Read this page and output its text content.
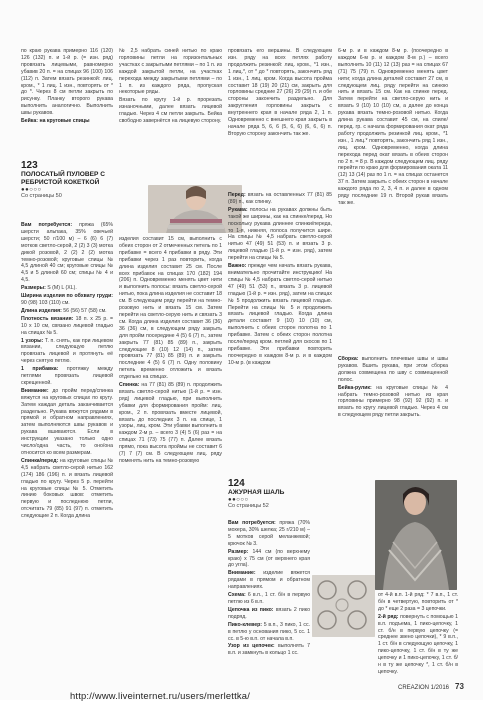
по краю рукава примерно 116 (120) 126 (132) п. и 1-й р. (= изн. ряд) провязать лицевыми, равномерно убавив 20 п. = на спицах 96 (100) 106 (112) п. Затем вязать резинкой: лиц. кром., * 1 лиц. 1 изн., повторять от * до *. Через 8 см петли закрыть по рисунку. Планку второго рукава выполнить аналогично. Выполнить швы рукавов.

Бейка: на круговые спицы

№ 2,5 набрать синей нитью по краю горловины петли на горизонтальных участках с закрытыми петлями – по 1 п. из каждой закрытой петли, на участках перехода между закрытыми петлями – по 1 п. из каждого ряда, пропуская некоторые ряды.

Вязать по кругу 1-й р. прорезать изнаночными, далее вязать лицевой гладью. Через 4 см петли закрыть. Бейка свободно завернётся на лицевую сторону.

провязать его вершины. В следующем изн. ряду на всех петлях работу продолжить резинкой: лиц. кром., *1 изн., 1 лиц.*, от * до * повторять, закончить ряд 1 изн., 1 лиц. кром. Когда высота пройма составит 18 (19) 20 (21) см, закрыть для горловины средние 27 (26) 29 (29) п. и обе стороны закончить раздельно. Для закругления горловины закрыть с внутреннего края в начале ряда 2, 1 п. Одновременно с внешнего края закрыть в начале ряда 5, 6, 6 (5, 6, 6) (6, 6, 6) п. Вторую сторону закончить так же.

6-м р. и в каждом 8-м р. (поочередно в каждом 6-м р. и каждом 8-м р.) – всего выполнить 10 (11) 12 (13) раз = на спицах 67 (71) 75 (79) п. Одновременно менять цвет нити; когда длина деталей составит 27 см, в следующем лиц. ряду перейти на синюю нить и вязать 15 см. Как на спинке перед. Затем перейти на светло-серую нить и вязать 9 (10) 10 (10) см, а далее до конца рукава вязать темно-розовой нитью. Когда длина рукава составит 45 см, на спиле/перед. гр. с начала формирования окат ряда работу продолжить резинкой лиц. кром., *1 изн., 1 лиц.* повторять, закончить ряд 1 изн., лиц. кром. Одновременно, когда длина перехода перед окат вязать в обеих сторон по 2 п. = 8 р. В каждом следующем лиц. ряду перейти по краю для формирования оката 11 (12) 13 (14) раз по 1 п. = на спицах останется 37 п. Затем закрыть с обеих сторон в начале каждого ряда по 2, 3, 4 п. и далее в одном ряду последние 19 п. Второй рукав вязать так же.

123
ПОЛОСАТЫЙ ПУЛОВЕР С РЕБРИСТОЙ КОКЕТКОЙ
●●○○○
Со страницы 50

Вам потребуется: пряжа (65% шерсти альпака, 35% овечьей шерсти; 50 г/100 м) – 6 (6) 6 (7) мотков светло-серой, 2 (2) 3 (3) мотка дикой розовой, 2 (2) 2 (2) мотка темно-розовой; круговые спицы № 4,5 длиной 40 см; круговые спицы № 4,5 и 5 длиной 60 см; спицы № 4 и 4,5.

Размеры: S (M) L (XL).

Ширина изделия по обхвату груди: 90 (98) 103 (110) см.

Длина изделия: 56 (56) 57 (58) см.

Плотность вязания: 18 п. x 25 р. = 10 x 10 см, связано лицевой гладью на спицах № 5.

1 узоры: Т. п. снять, как при лицевом вязании, следующую петлю провязать лицевой и протянуть её через снятую петлю.

1 прибавка: протяжку между петлями провязать лицевой скрещенной.

Внимание: до пройм перед/спинка вяжутся на круговых спицах по кругу. Затем каждая деталь заканчивается раздельно. Рукава вяжутся рядами в прямой и обратном направлениях, затем выполняются швы рукавов и рукава вшиваются. Если в инструкции указано только одно число/одна часть, то оно/она относится ко всем размерам.

Спинка/перед: на круговые спицы № 4,5 набрать светло-серой нитью 162 (174) 186 (196) п. и вязать лицевой гладью по кругу. Через 5 р. перейти на круговые спицы № 5. Отметить линию боковых швов: отметить первую и последнюю петли, отсчитать 79 (85) 91 (97) п. отметить следующие 2 п. Когда длина

изделия составит 15 см, выполнить с обеих сторон от 2 отмеченных петель по 1 прибавке = всего 4 прибавки в ряду. Эти прибавки через 1 раз повторить, когда длина изделия составит 25 см. После всех прибавок на спицах 170 (182) 194 (206) п. Одновременно менять цвет нити и выполнить полосы: вязать светло-серой нитью, пока длина изделия не составит 18 см. В следующем ряду перейти на темно-розовую нить и вязать 15 см. Затем перейти на светло-серую нить и связать 3 см. Когда длина изделия составит 36 (36) 36 (36) см, в следующем ряду закрыть для пройм посередине 4 (5) 6 (7) п., затем закрыть 77 (81) 85 (89) п., закрыть следующие 8 (10) 12 (14) п., затем провязать 77 (81) 85 (89) п. и закрыть последние 4 (5) 6 (7) п. Одну половину петель временно отложить и вязать отдельно на спицах.

Спинка: на 77 (81) 85 (89) п. продолжить вязать светло-серой нитью (1-й р. = изн. ряд) лицевой гладью, при выполнить убавки для формирования пройм: лиц. кром., 2 п. провязать вместе лицевой, вязать до последних 3 п. на спице, 1 узоры, лиц. кром. Эти убавки выполнить в каждом 2-м р. – всего 3 (4) 5 (6) раз = на спицах 71 (73) 75 (77) п. Далее вязать прямо, пока высота проймы не составит 6 (7) 7 (7) см. В следующем лиц. ряду поменять нить на темно-розовую

Перед: вязать на оставленных 77 (81) 85 (89) п., как спинку.

Рукава: полосы на рукавах должны быть такой же ширины, как на спинке/перед. Но поскольку рукава длиннее спинки/переда, то 1-я, нижняя, полоса получится шире. На спицы № 4,5 набрать светло-серой нитью 47 (49) 51 (53) п. и вязать 3 р. лицевой гладью (1-й р. = изн. ряд), затем перейти на спицы № 5.

Важно: прежде чем начать вязать рукава, внимательно прочитайте инструкцию! На спицы № 4,5 набрать светло-серой нитью 47 (49) 51 (53) п., вязать 3 р. лицевой гладью (1-й р. = изн. ряд), затем на спицах № 5 продолжить вязать лицевой гладью. Перейти на спицы № 5 и продолжить вязать лицевой гладью. Когда длина детали составит 9 (10) 10 (10) см, выполнить с обеих сторон полотна по 1 прибавке. Затем с обеих сторон полотна после/перед кром. петлей для скосов по 1 прибавке. Эти прибавки повторить поочередно в каждом 8-м р. и в каждом 10-м р. (в каждом

Сборка: выполнить плечевые швы и швы рукавов. Вшить рукава, при этом сборка должна совмещена по шву с совмещенной полос.

Бейка-рулик: на круговые спицы № 4 набрать темно-розовой нитью из края горловины примерно 98 (92) 92 (92) п. и вязать по кругу лицевой гладью. Через 4 см в следующем ряду петли закрыть.

124
АЖУРНАЯ ШАЛЬ
●●○○○
Со страницы 52

Вам потребуется: пряжа (70% мохера, 30% шелка; 25 г/210 м) – 5 мотков серой меланжевой; крючок № 3.

Размер: 144 см (по верхнему краю) x 75 см (от верхнего края до угла).

Внимание: изделие вяжется рядами в прямом и обратном направлениях.

Схема: 6 в.п., 1 ст. б/н в первую петлю из 6 в.п.

Цепочка из пико: вязать 2 пико подряд.

Пико-клевер: 5 в.п., 3 пико, 1 сс. в петлю у основания пико, 5 сс. 1 сс. в 5-ю в.п. от начала в.п.

Узор из цепочек: выполнять 7 в.п. и замкнуть в кольцо 1 сс.

от 4-й в.п. 1-й ряд: * 7 в.п., 1 ст. б/н в четвертую, повторить от * до * еще 2 раза = 3 цепочки.

2-й ряд: повернуть с помощью 1 в.п. подъема, 1 пико-цепочку, 1 ст. б/н в первую цепочку (= среднее звено цепочки), * 9 в.п., 1 ст. б/н в следующую цепочку, 1 пико-цепочку, 1 ст. б/н в ту же цепочку и 1 пико-цепочку, 1 ст. б/н в ту же цепочку *, 1 ст. б/н в цепочку.

CREAZION 1/2016 73
http://www.liveinternet.ru/users/merlettka/
